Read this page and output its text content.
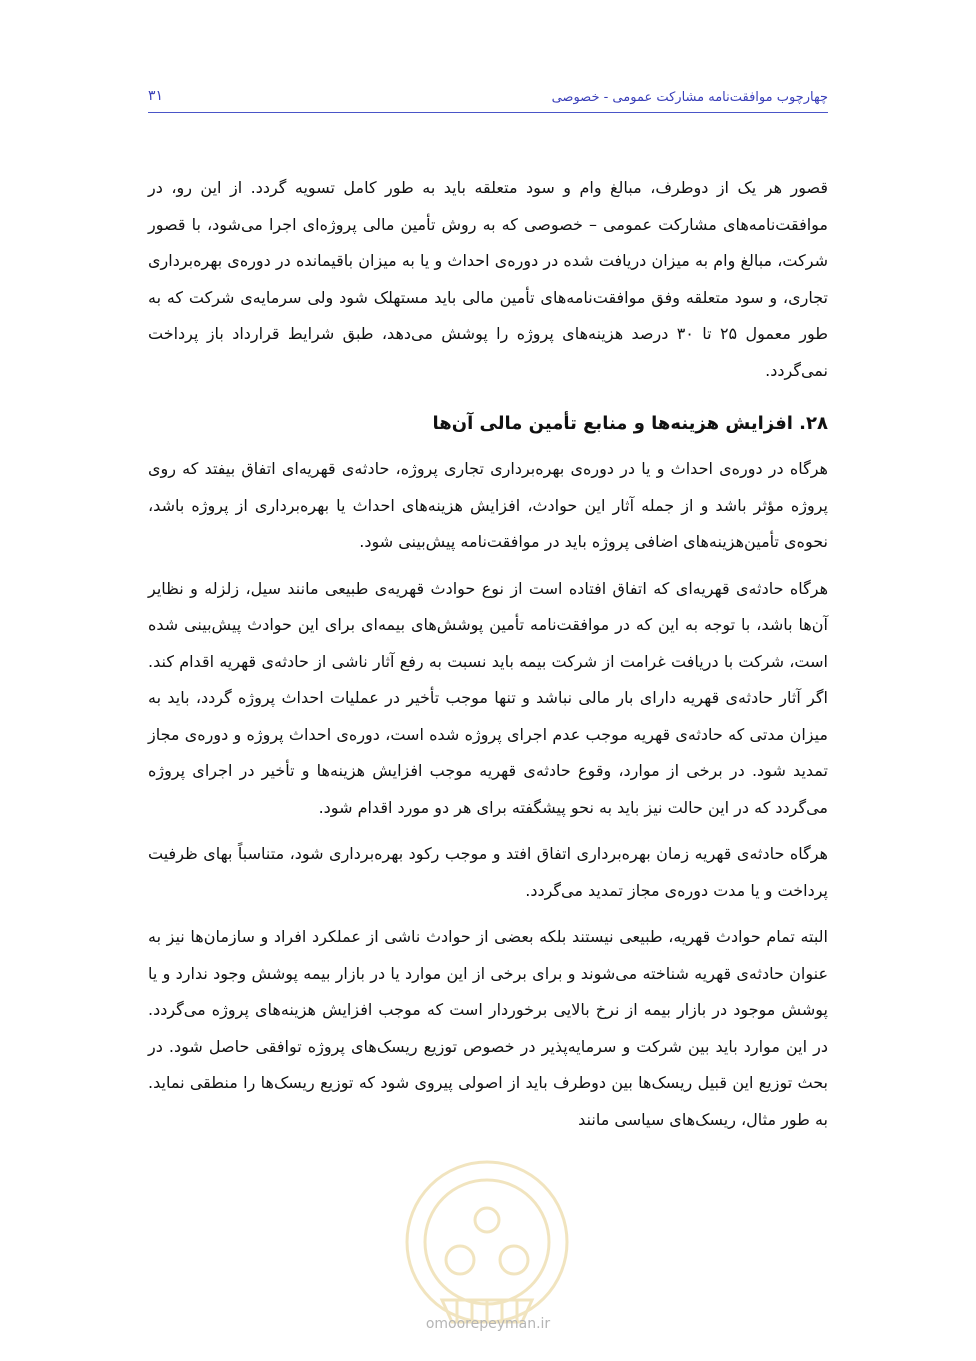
چهارچوب موافقت‌نامه مشارکت عمومی - خصوصی
۳۱

قصور هر یک از دوطرف، مبالغ وام و سود متعلقه باید به طور کامل تسویه گردد. از این رو، در موافقت‌نامه‌های مشارکت عمومی – خصوصی که به روش تأمین مالی پروژه‌ای اجرا می‌شود، با قصور شرکت، مبالغ وام به میزان دریافت شده در دوره‌ی احداث و یا به میزان باقیمانده در دوره‌ی بهره‌برداری تجاری، و سود متعلقه وفق موافقت‌نامه‌های تأمین مالی باید مستهلک شود ولی سرمایه‌ی شرکت که به طور معمول ۲۵ تا ۳۰ درصد هزینه‌های پروژه را پوشش می‌دهد، طبق شرایط قرارداد باز پرداخت نمی‌گردد.

۲۸. افزایش هزینه‌ها و منابع تأمین مالی آن‌ها

هرگاه در دوره‌ی احداث و یا در دوره‌ی بهره‌برداری تجاری پروژه، حادثه‌ی قهریه‌ای اتفاق بیفتد که روی پروژه مؤثر باشد و از جمله آثار این حوادث، افزایش هزینه‌های احداث یا بهره‌برداری از پروژه باشد، نحوه‌ی تأمین‌هزینه‌های اضافی پروژه باید در موافقت‌نامه پیش‌بینی شود.

هرگاه حادثه‌ی قهریه‌ای که اتفاق افتاده است از نوع حوادث قهریه‌ی طبیعی مانند سیل، زلزله و نظایر آن‌ها باشد، با توجه به این که در موافقت‌نامه تأمین پوشش‌های بیمه‌ای برای این حوادث پیش‌بینی شده است، شرکت با دریافت غرامت از شرکت بیمه باید نسبت به رفع آثار ناشی از حادثه‌ی قهریه اقدام کند. اگر آثار حادثه‌ی قهریه دارای بار مالی نباشد و تنها موجب تأخیر در عملیات احداث پروژه گردد، باید به میزان مدتی که حادثه‌ی قهریه موجب عدم اجرای پروژه شده است، دوره‌ی احداث پروژه و دوره‌ی مجاز تمدید شود. در برخی از موارد، وقوع حادثه‌ی قهریه موجب افزایش هزینه‌ها و تأخیر در اجرای پروژه می‌گردد که در این حالت نیز باید به نحو پیشگفته برای هر دو مورد اقدام شود.

هرگاه حادثه‌ی قهریه زمان بهره‌برداری اتفاق افتد و موجب رکود بهره‌برداری شود، متناسباً بهای ظرفیت پرداخت و یا مدت دوره‌ی مجاز تمدید می‌گردد.

البته تمام حوادث قهریه، طبیعی نیستند بلکه بعضی از حوادث ناشی از عملکرد افراد و سازمان‌ها نیز به عنوان حادثه‌ی قهریه شناخته می‌شوند و برای برخی از این موارد یا در بازار بیمه پوشش وجود ندارد و یا پوشش موجود در بازار بیمه از نرخ بالایی برخوردار است که موجب افزایش هزینه‌های پروژه می‌گردد. در این موارد باید بین شرکت و سرمایه‌پذیر در خصوص توزیع ریسک‌های پروژه توافقی حاصل شود. در بحث توزیع این قبیل ریسک‌ها بین دوطرف باید از اصولی پیروی شود که توزیع ریسک‌ها را منطقی نماید. به طور مثال، ریسک‌های سیاسی مانند

omoorepeyman.ir
